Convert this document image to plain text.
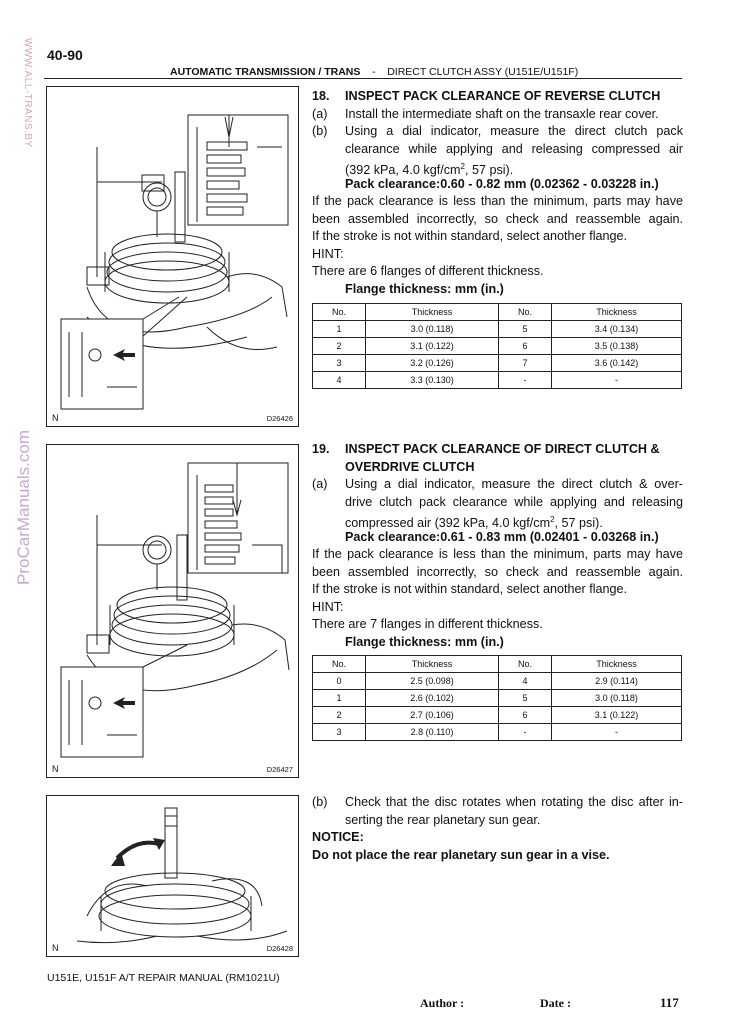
40-90
AUTOMATIC TRANSMISSION / TRANS - DIRECT CLUTCH ASSY (U151E/U151F)
WWW.ALL-TRANS.BY
ProCarManuals.com
N	D26426
N	D26427
N	D26428
18. INSPECT PACK CLEARANCE OF REVERSE CLUTCH
(a) Install the intermediate shaft on the transaxle rear cover.
(b) Using a dial indicator, measure the direct clutch pack
clearance while applying and releasing compressed air
(392 kPa, 4.0 kgf/$cm^2$, 57 psi).
Pack clearance:0.60 - 0.82 mm (0.02362 - 0.03228 in.)
If the pack clearance is less than the minimum, parts may have
been assembled incorrectly, so check and reassemble again.
If the stroke is not within standard, select another flange.
HINT:
There are 6 flanges of different thickness.
Flange thickness: mm (in.)
No.	Thickness	No.	Thickness
1	3.0 (0.118)	5	3.4 (0.134)
2	3.1 (0.122)	6	3.5 (0.138)
3	3.2 (0.126)	7	3.6 (0.142)
4	3.3 (0.130)	-	-
19. INSPECT PACK CLEARANCE OF DIRECT CLUTCH &
OVERDRIVE CLUTCH
(a) Using a dial indicator, measure the direct clutch & over-
drive clutch pack clearance while applying and releasing
compressed air (392 kPa, 4.0 kgf/$cm^2$, 57 psi).
Pack clearance:0.61 - 0.83 mm (0.02401 - 0.03268 in.)
If the pack clearance is less than the minimum, parts may have
been assembled incorrectly, so check and reassemble again.
If the stroke is not within standard, select another flange.
HINT:
There are 7 flanges in different thickness.
Flange thickness: mm (in.)
No.	Thickness	No.	Thickness
0	2.5 (0.098)	4	2.9 (0.114)
1	2.6 (0.102)	5	3.0 (0.118)
2	2.7 (0.106)	6	3.1 (0.122)
3	2.8 (0.110)	-	-
(b) Check that the disc rotates when rotating the disc after in-
serting the rear planetary sun gear.
NOTICE:
Do not place the rear planetary sun gear in a vise.
U151E, U151F A/T REPAIR MANUAL (RM1021U)
Author :	Date :	117
